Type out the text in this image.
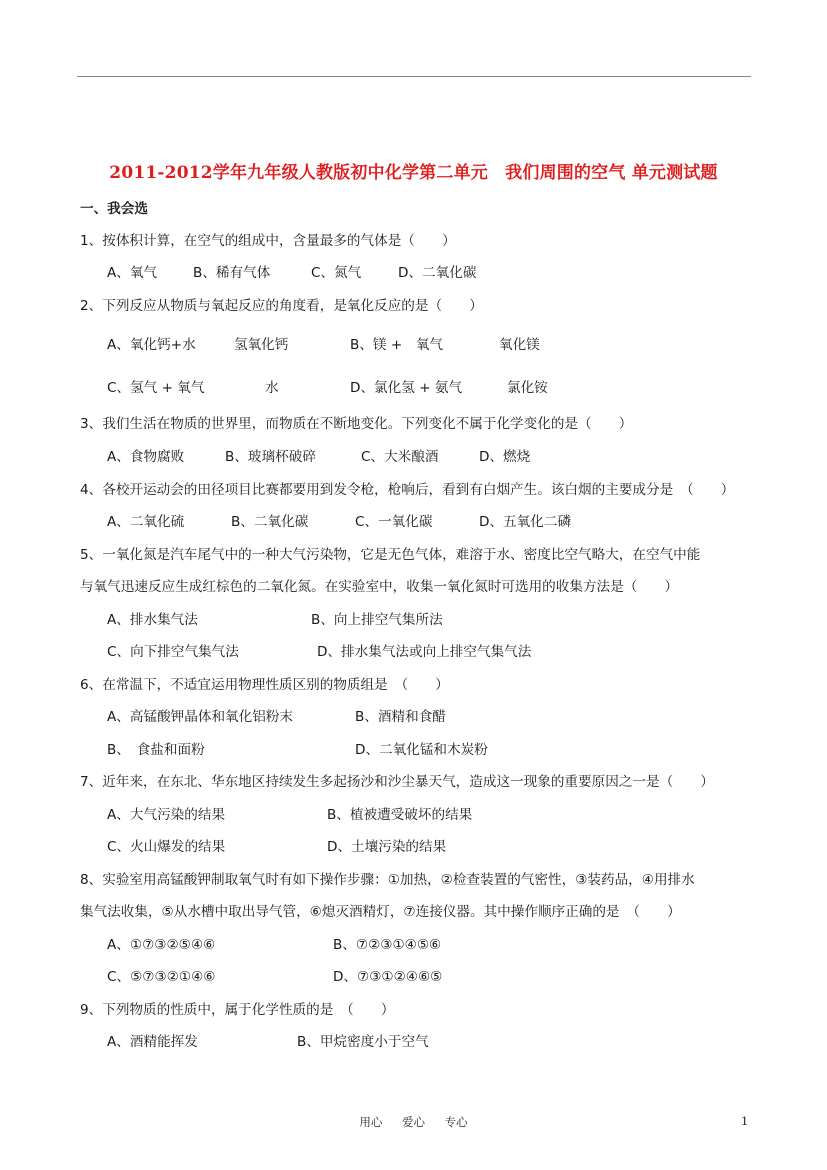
2011-2012学年九年级人教版初中化学第二单元　我们周围的空气 单元测试题
一、我会选
1、按体积计算，在空气的组成中，含量最多的气体是（　　）
A、氧气	B、稀有气体	C、氮气	D、二氧化碳
2、下列反应从物质与氧起反应的角度看，是氧化反应的是（　　）
A、氧化钙+水	氢氧化钙	B、镁 +　氧气	氧化镁
C、氢气 + 氧气	水	D、氯化氢 + 氨气	氯化铵
3、我们生活在物质的世界里，而物质在不断地变化。下列变化不属于化学变化的是（　　）
A、食物腐败	B、玻璃杯破碎	C、大米酿酒	D、燃烧
4、各校开运动会的田径项目比赛都要用到发令枪，枪响后，看到有白烟产生。该白烟的主要成分是　（　　）
A、二氧化硫	B、二氧化碳	C、一氧化碳	D、五氧化二磷
5、一氧化氮是汽车尾气中的一种大气污染物，它是无色气体，难溶于水、密度比空气略大，在空气中能
与氧气迅速反应生成红棕色的二氧化氮。在实验室中，收集一氧化氮时可选用的收集方法是（　　）
A、排水集气法	B、向上排空气集所法
C、向下排空气集气法	D、排水集气法或向上排空气集气法
6、在常温下，不适宜运用物理性质区别的物质组是　（　　）
A、高锰酸钾晶体和氧化铝粉末	B、酒精和食醋
B、　食盐和面粉	D、二氧化锰和木炭粉
7、近年来，在东北、华东地区持续发生多起扬沙和沙尘暴天气，造成这一现象的重要原因之一是（　　）
A、大气污染的结果	B、植被遭受破坏的结果
C、火山爆发的结果	D、土壤污染的结果
8、实验室用高锰酸钾制取氧气时有如下操作步骤：①加热，②检查装置的气密性，③装药品，④用排水
集气法收集，⑤从水槽中取出导气管，⑥熄灭酒精灯，⑦连接仪器。其中操作顺序正确的是　（　　）
A、①⑦③②⑤④⑥	B、⑦②③①④⑤⑥
C、⑤⑦③②①④⑥	D、⑦③①②④⑥⑤
9、下列物质的性质中，属于化学性质的是　（　　）
A、酒精能挥发	B、甲烷密度小于空气
用心 爱心 专心	1
